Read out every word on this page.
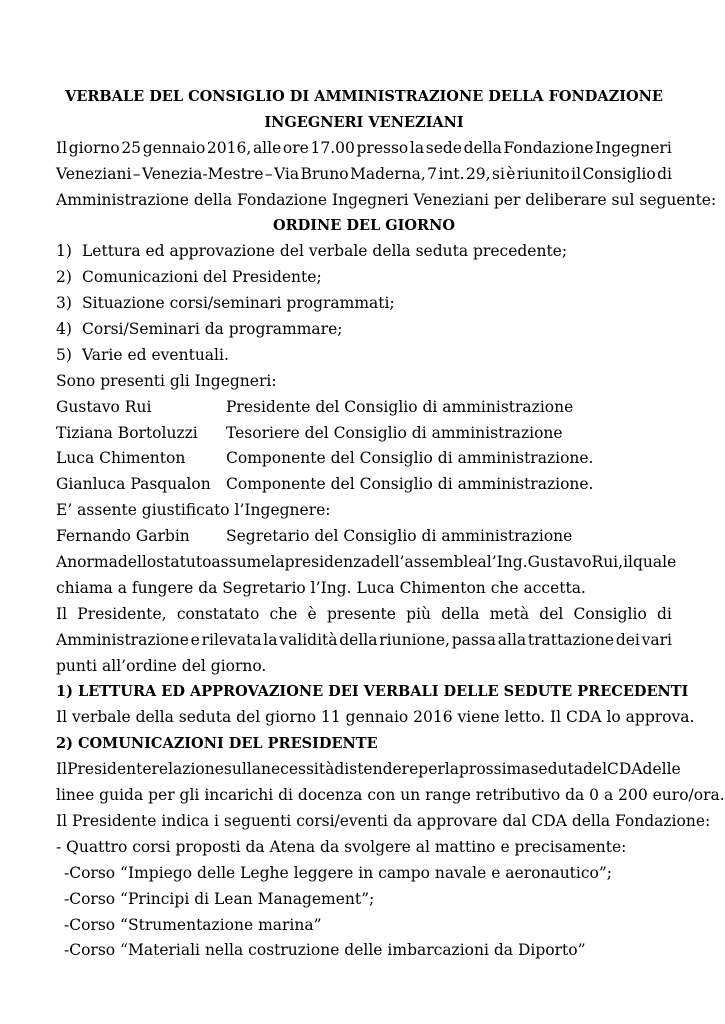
VERBALE DEL CONSIGLIO DI AMMINISTRAZIONE DELLA FONDAZIONE
INGEGNERI VENEZIANI
Il giorno 25 gennaio 2016, alle ore 17.00 presso la sede della Fondazione Ingegneri
Veneziani – Venezia-Mestre – Via Bruno Maderna, 7 int. 29, si è riunito il Consiglio di
Amministrazione della Fondazione Ingegneri Veneziani per deliberare sul seguente:
ORDINE DEL GIORNO
1) Lettura ed approvazione del verbale della seduta precedente;
2) Comunicazioni del Presidente;
3) Situazione corsi/seminari programmati;
4) Corsi/Seminari da programmare;
5) Varie ed eventuali.
Sono presenti gli Ingegneri:
Gustavo Rui	Presidente del Consiglio di amministrazione
Tiziana Bortoluzzi	Tesoriere del Consiglio di amministrazione
Luca Chimenton	Componente del Consiglio di amministrazione.
Gianluca Pasqualon Componente del Consiglio di amministrazione.
E’ assente giustificato l’Ingegnere:
Fernando Garbin	Segretario del Consiglio di amministrazione
A norma dello statuto assume la presidenza dell’assemblea l’Ing. Gustavo Rui, il quale
chiama a fungere da Segretario l’Ing. Luca Chimenton che accetta.
Il Presidente, constatato che è presente più della metà del Consiglio di
Amministrazione e rilevata la validità della riunione, passa alla trattazione dei vari
punti all’ordine del giorno.
1) LETTURA ED APPROVAZIONE DEI VERBALI DELLE SEDUTE PRECEDENTI
Il verbale della seduta del giorno 11 gennaio 2016 viene letto. Il CDA lo approva.
2) COMUNICAZIONI DEL PRESIDENTE
Il Presidente relazione sulla necessità di stendere per la prossima seduta del CDA delle
linee guida per gli incarichi di docenza con un range retributivo da 0 a 200 euro/ora.
Il Presidente indica i seguenti corsi/eventi da approvare dal CDA della Fondazione:
- Quattro corsi proposti da Atena da svolgere al mattino e precisamente:
-Corso “Impiego delle Leghe leggere in campo navale e aeronautico”;
-Corso “Principi di Lean Management”;
-Corso “Strumentazione marina”
-Corso “Materiali nella costruzione delle imbarcazioni da Diporto”
